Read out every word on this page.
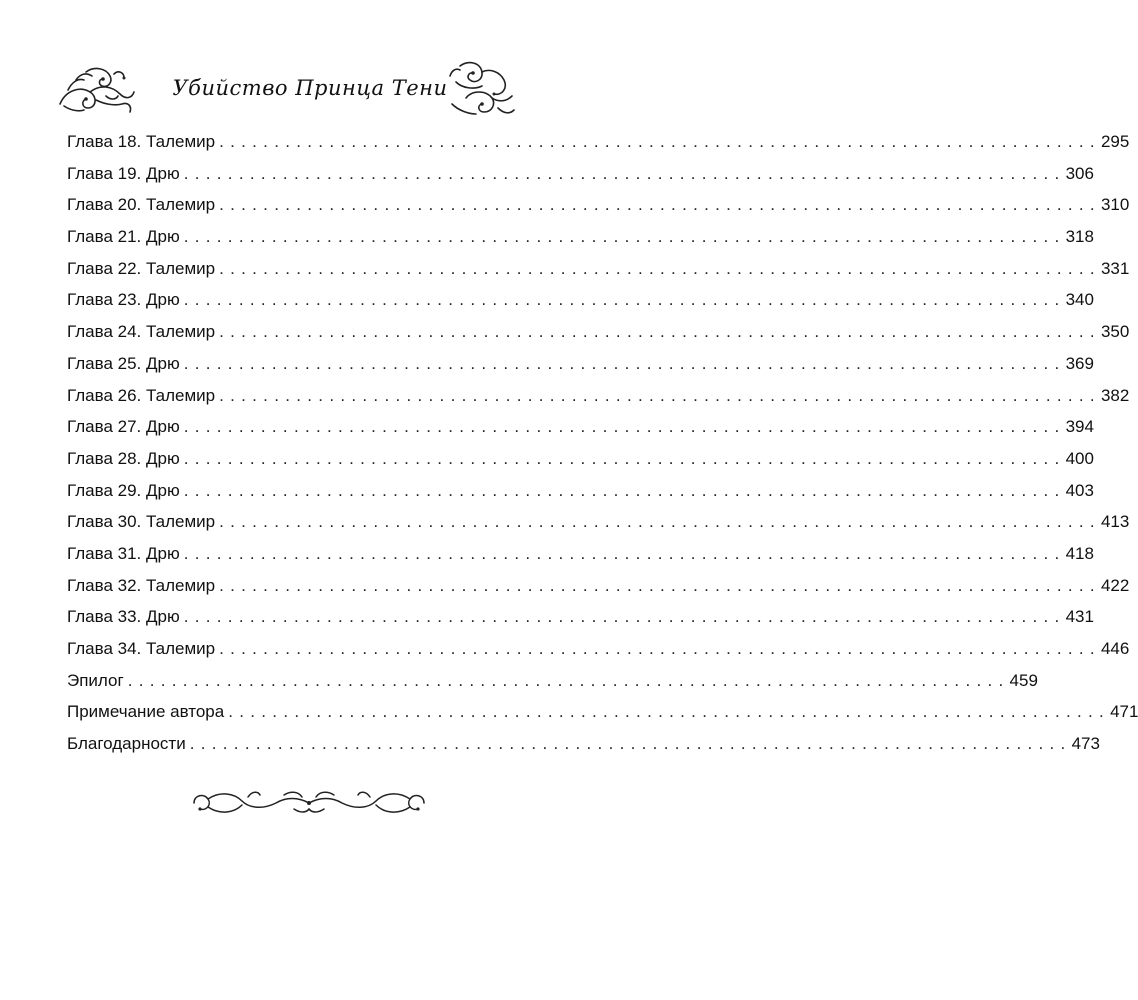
Убийство Принца Тени
Глава 18. Талемир ................................................................................ 295
Глава 19. Дрю ................................................................................ 306
Глава 20. Талемир ................................................................................ 310
Глава 21. Дрю ................................................................................ 318
Глава 22. Талемир ................................................................................ 331
Глава 23. Дрю ................................................................................ 340
Глава 24. Талемир ................................................................................ 350
Глава 25. Дрю ................................................................................ 369
Глава 26. Талемир ................................................................................ 382
Глава 27. Дрю ................................................................................ 394
Глава 28. Дрю ................................................................................ 400
Глава 29. Дрю ................................................................................ 403
Глава 30. Талемир ................................................................................ 413
Глава 31. Дрю ................................................................................ 418
Глава 32. Талемир ................................................................................ 422
Глава 33. Дрю ................................................................................ 431
Глава 34. Талемир ................................................................................ 446
Эпилог ................................................................................ 459
Примечание автора ................................................................................ 471
Благодарности ................................................................................ 473
